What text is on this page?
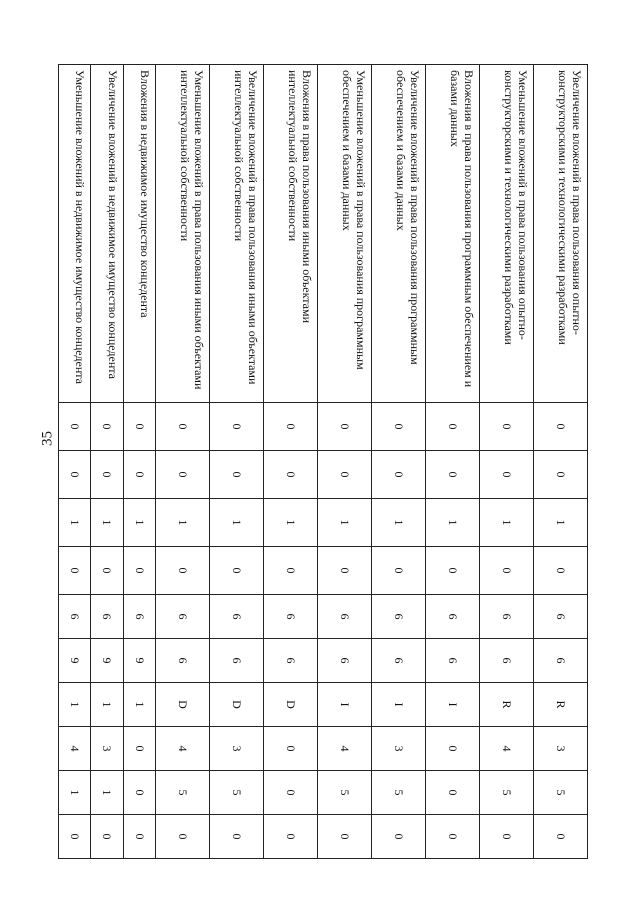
35
Увеличение вложений в права пользования опытно-конструкторскими и технологическими разработками	0	0	1	0	6	6	R	3	5	0
Уменьшение вложений в права пользования опытно-конструкторскими и технологическими разработками	0	0	1	0	6	6	R	4	5	0
Вложения в права пользования программным обеспечением и базами данных	0	0	1	0	6	6	I	0	0	0
Увеличение вложений в права пользования программным обеспечением и базами данных	0	0	1	0	6	6	I	3	5	0
Уменьшение вложений в права пользования программным обеспечением и базами данных	0	0	1	0	6	6	I	4	5	0
Вложения в права пользования иными объектами интеллектуальной собственности	0	0	1	0	6	6	D	0	0	0
Увеличение вложений в права пользования иными объектами интеллектуальной собственности	0	0	1	0	6	6	D	3	5	0
Уменьшение вложений в права пользования иными объектами интеллектуальной собственности	0	0	1	0	6	6	D	4	5	0
Вложения в недвижимое имущество концедента	0	0	1	0	6	9	1	0	0	0
Увеличение вложений в недвижимое имущество концедента	0	0	1	0	6	9	1	3	1	0
Уменьшение вложений в недвижимое имущество концедента	0	0	1	0	6	9	1	4	1	0
